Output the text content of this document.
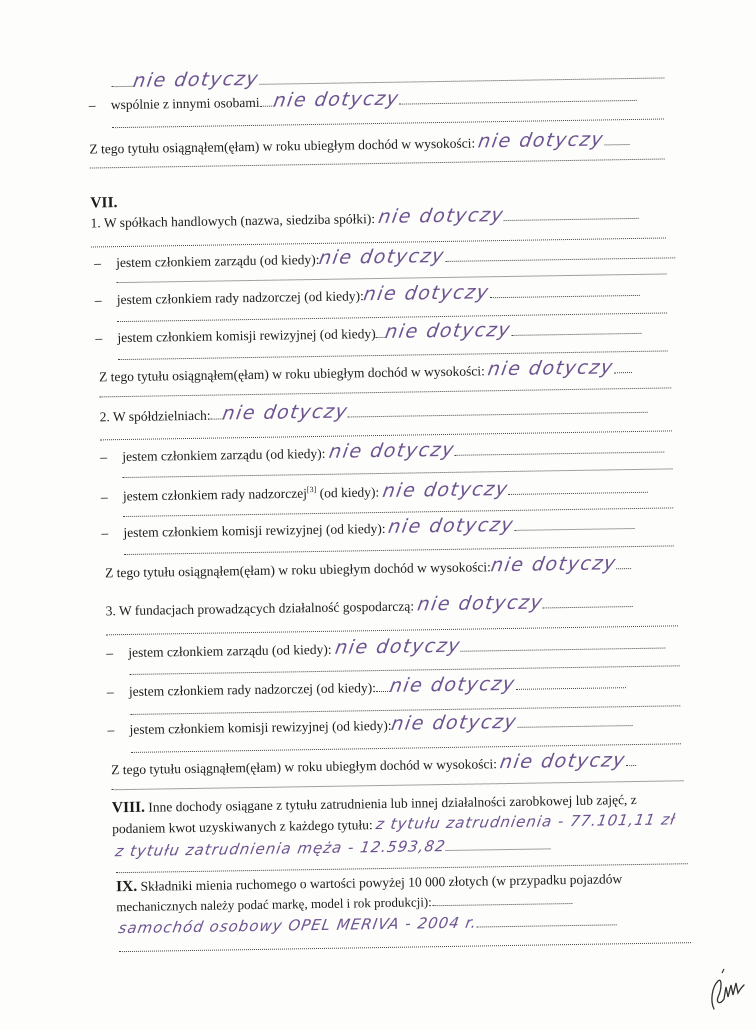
nie dotyczy
– wspólnie z innymi osobami nie dotyczy
Z tego tytułu osiągnąłem(ęłam) w roku ubiegłym dochód w wysokości: nie dotyczy
VII.
1. W spółkach handlowych (nazwa, siedziba spółki): nie dotyczy
– jestem członkiem zarządu (od kiedy):nie dotyczy
– jestem członkiem rady nadzorczej (od kiedy):nie dotyczy
– jestem członkiem komisji rewizyjnej (od kiedy) nie dotyczy
Z tego tytułu osiągnąłem(ęłam) w roku ubiegłym dochód w wysokości: nie dotyczy
2. W spółdzielniach: nie dotyczy
– jestem członkiem zarządu (od kiedy): nie dotyczy
– jestem członkiem rady nadzorczej[3] (od kiedy): nie dotyczy
– jestem członkiem komisji rewizyjnej (od kiedy): nie dotyczy
Z tego tytułu osiągnąłem(ęłam) w roku ubiegłym dochód w wysokości:nie dotyczy
3. W fundacjach prowadzących działalność gospodarczą: nie dotyczy
– jestem członkiem zarządu (od kiedy): nie dotyczy
– jestem członkiem rady nadzorczej (od kiedy): nie dotyczy
– jestem członkiem komisji rewizyjnej (od kiedy):nie dotyczy
Z tego tytułu osiągnąłem(ęłam) w roku ubiegłym dochód w wysokości: nie dotyczy
VIII. Inne dochody osiągane z tytułu zatrudnienia lub innej działalności zarobkowej lub zajęć, z
podaniem kwot uzyskiwanych z każdego tytułu: z tytułu zatrudnienia - 77.101,11 zł
z tytułu zatrudnienia męża - 12.593,82
IX. Składniki mienia ruchomego o wartości powyżej 10 000 złotych (w przypadku pojazdów
mechanicznych należy podać markę, model i rok produkcji):
samochód osobowy OPEL MERIVA - 2004 r.
